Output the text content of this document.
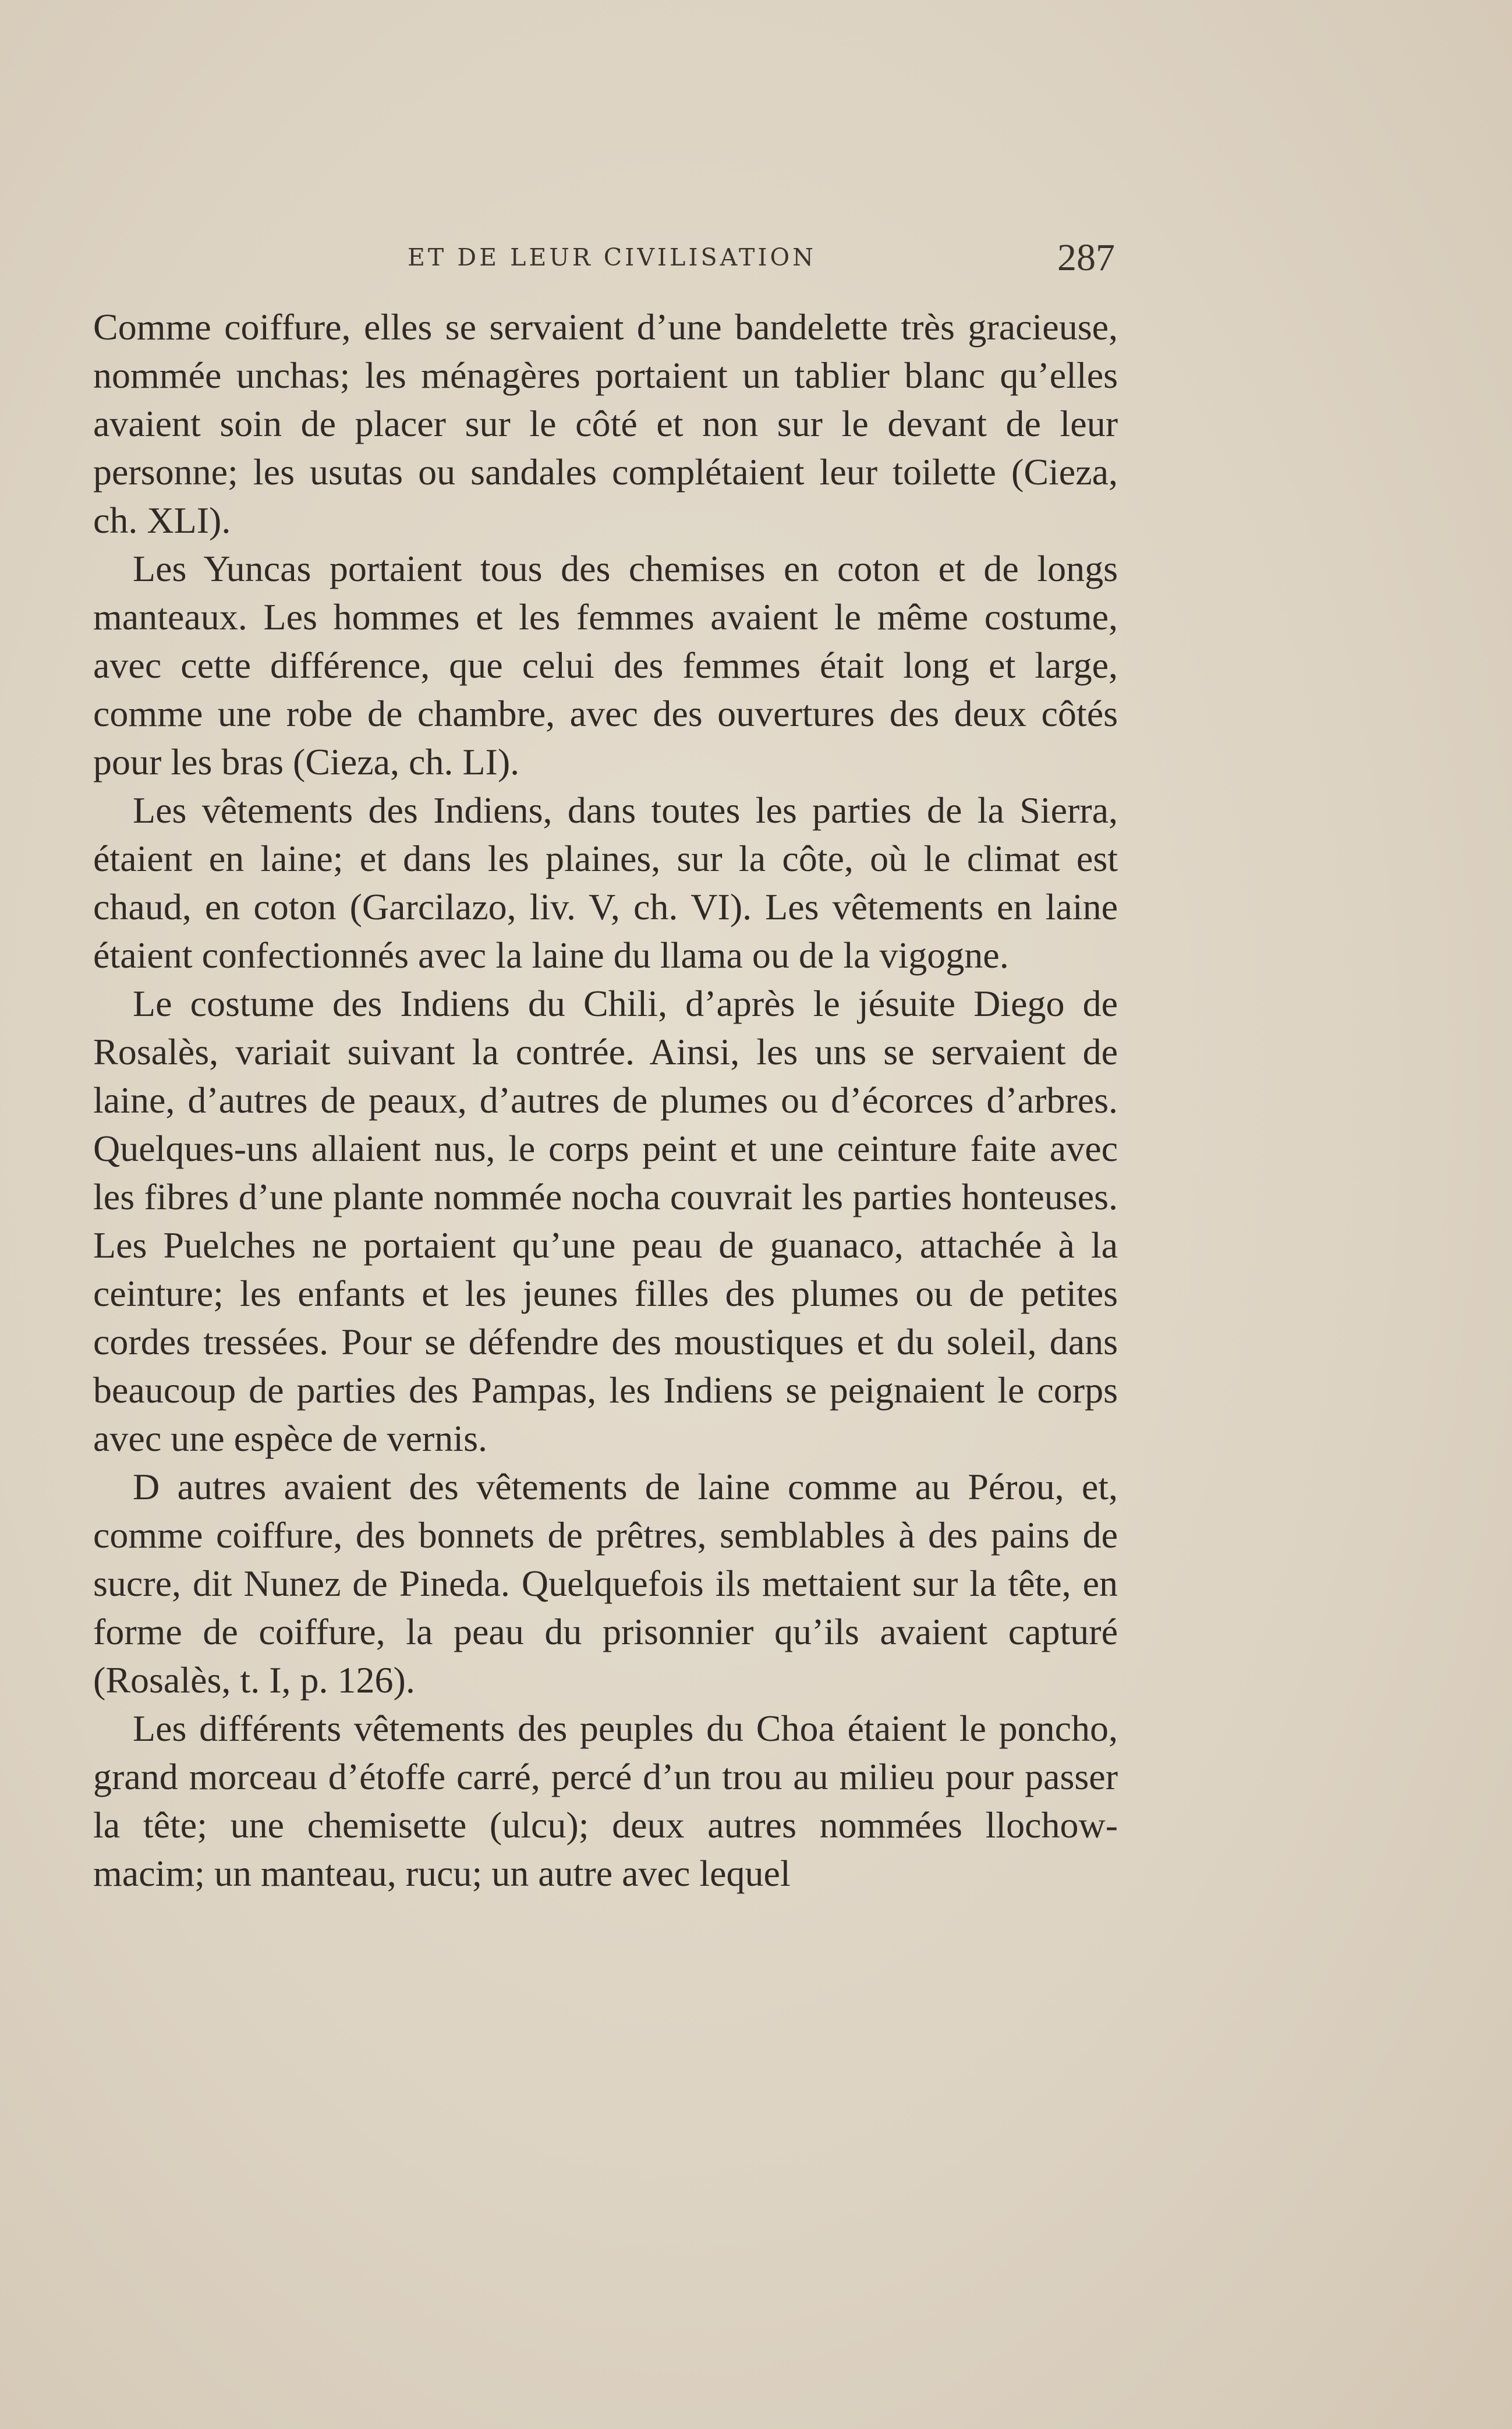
ET DE LEUR CIVILISATION	287

Comme coiffure, elles se servaient d’une bandelette très gracieuse, nommée unchas; les ménagères portaient un tablier blanc qu’elles avaient soin de placer sur le côté et non sur le devant de leur personne; les usutas ou sandales complétaient leur toilette (Cieza, ch. XLI).

Les Yuncas portaient tous des chemises en coton et de longs manteaux. Les hommes et les femmes avaient le même costume, avec cette différence, que celui des femmes était long et large, comme une robe de chambre, avec des ouvertures des deux côtés pour les bras (Cieza, ch. LI).

Les vêtements des Indiens, dans toutes les parties de la Sierra, étaient en laine; et dans les plaines, sur la côte, où le climat est chaud, en coton (Garcilazo, liv. V, ch. VI). Les vêtements en laine étaient confectionnés avec la laine du llama ou de la vigogne.

Le costume des Indiens du Chili, d’après le jésuite Diego de Rosalès, variait suivant la contrée. Ainsi, les uns se servaient de laine, d’autres de peaux, d’autres de plumes ou d’écorces d’arbres. Quelques-uns allaient nus, le corps peint et une ceinture faite avec les fibres d’une plante nommée nocha couvrait les parties honteuses. Les Puelches ne portaient qu’une peau de guanaco, attachée à la ceinture; les enfants et les jeunes filles des plumes ou de petites cordes tressées. Pour se défendre des moustiques et du soleil, dans beaucoup de parties des Pampas, les Indiens se peignaient le corps avec une espèce de vernis.

D autres avaient des vêtements de laine comme au Pérou, et, comme coiffure, des bonnets de prêtres, semblables à des pains de sucre, dit Nunez de Pineda. Quelquefois ils mettaient sur la tête, en forme de coiffure, la peau du prisonnier qu’ils avaient capturé (Rosalès, t. I, p. 126).

Les différents vêtements des peuples du Choa étaient le poncho, grand morceau d’étoffe carré, percé d’un trou au milieu pour passer la tête; une chemisette (ulcu); deux autres nommées llochow-macim; un manteau, rucu; un autre avec lequel
